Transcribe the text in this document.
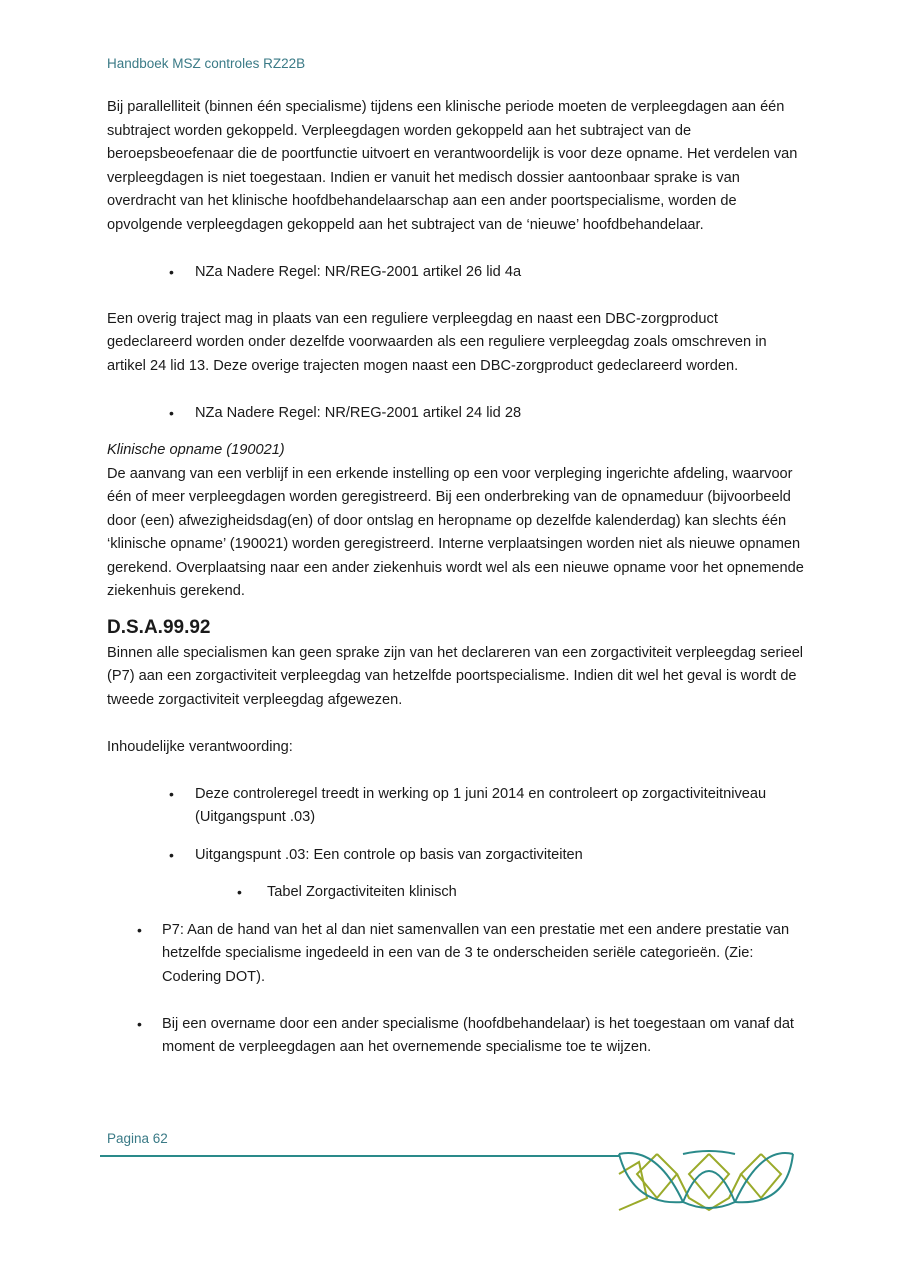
Handboek MSZ controles RZ22B

Bij parallelliteit (binnen één specialisme) tijdens een klinische periode moeten de verpleegdagen aan één subtraject worden gekoppeld. Verpleegdagen worden gekoppeld aan het subtraject van de beroepsbeoefenaar die de poortfunctie uitvoert en verantwoordelijk is voor deze opname. Het verdelen van verpleegdagen is niet toegestaan. Indien er vanuit het medisch dossier aantoonbaar sprake is van overdracht van het klinische hoofdbehandelaarschap aan een ander poortspecialisme, worden de opvolgende verpleegdagen gekoppeld aan het subtraject van de ‘nieuwe’ hoofdbehandelaar.

• NZa Nadere Regel: NR/REG-2001 artikel 26 lid 4a

Een overig traject mag in plaats van een reguliere verpleegdag en naast een DBC-zorgproduct gedeclareerd worden onder dezelfde voorwaarden als een reguliere verpleegdag zoals omschreven in artikel 24 lid 13. Deze overige trajecten mogen naast een DBC-zorgproduct gedeclareerd worden.

• NZa Nadere Regel: NR/REG-2001 artikel 24 lid 28

Klinische opname (190021)

De aanvang van een verblijf in een erkende instelling op een voor verpleging ingerichte afdeling, waarvoor één of meer verpleegdagen worden geregistreerd. Bij een onderbreking van de opnameduur (bijvoorbeeld door (een) afwezigheidsdag(en) of door ontslag en heropname op dezelfde kalenderdag) kan slechts één ‘klinische opname’ (190021) worden geregistreerd. Interne verplaatsingen worden niet als nieuwe opnamen gerekend. Overplaatsing naar een ander ziekenhuis wordt wel als een nieuwe opname voor het opnemende ziekenhuis gerekend.

D.S.A.99.92

Binnen alle specialismen kan geen sprake zijn van het declareren van een zorgactiviteit verpleegdag serieel (P7) aan een zorgactiviteit verpleegdag van hetzelfde poortspecialisme. Indien dit wel het geval is wordt de tweede zorgactiviteit verpleegdag afgewezen.

Inhoudelijke verantwoording:

• Deze controleregel treedt in werking op 1 juni 2014 en controleert op zorgactiviteitniveau (Uitgangspunt .03)
• Uitgangspunt .03: Een controle op basis van zorgactiviteiten
• Tabel Zorgactiviteiten klinisch
• P7: Aan de hand van het al dan niet samenvallen van een prestatie met een andere prestatie van hetzelfde specialisme ingedeeld in een van de 3 te onderscheiden seriële categorieën. (Zie: Codering DOT).
• Bij een overname door een ander specialisme (hoofdbehandelaar) is het toegestaan om vanaf dat moment de verpleegdagen aan het overnemende specialisme toe te wijzen.
Pagina 62
